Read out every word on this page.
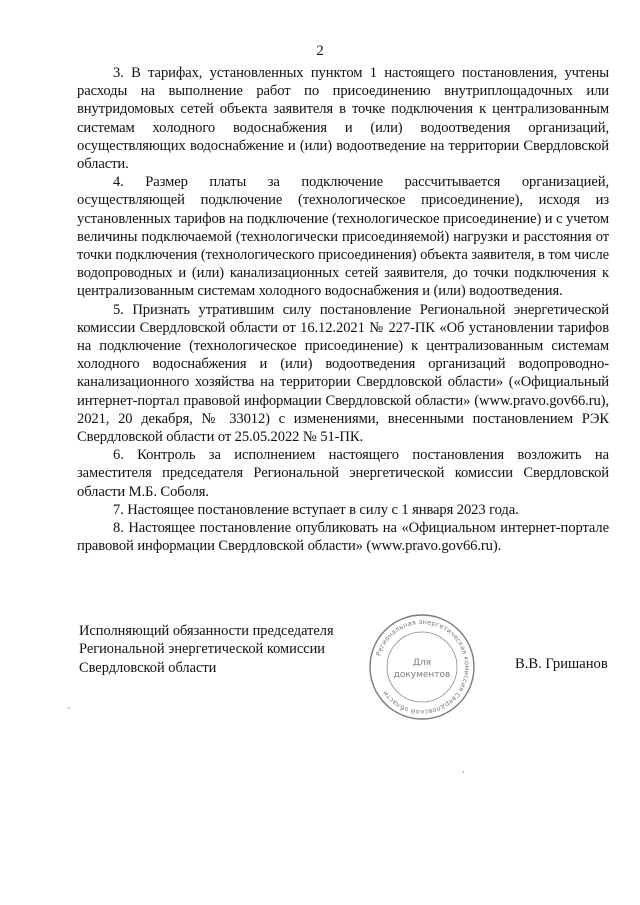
2

3. В тарифах, установленных пунктом 1 настоящего постановления, учтены расходы на выполнение работ по присоединению внутриплощадочных или внутридомовых сетей объекта заявителя в точке подключения к централизованным системам холодного водоснабжения и (или) водоотведения организаций, осуществляющих водоснабжение и (или) водоотведение на территории Свердловской области.

4. Размер платы за подключение рассчитывается организацией, осуществляющей подключение (технологическое присоединение), исходя из установленных тарифов на подключение (технологическое присоединение) и с учетом величины подключаемой (технологически присоединяемой) нагрузки и расстояния от точки подключения (технологического присоединения) объекта заявителя, в том числе водопроводных и (или) канализационных сетей заявителя, до точки подключения к централизованным системам холодного водоснабжения и (или) водоотведения.

5. Признать утратившим силу постановление Региональной энергетической комиссии Свердловской области от 16.12.2021 № 227-ПК «Об установлении тарифов на подключение (технологическое присоединение) к централизованным системам холодного водоснабжения и (или) водоотведения организаций водопроводно-канализационного хозяйства на территории Свердловской области» («Официальный интернет-портал правовой информации Свердловской области» (www.pravo.gov66.ru), 2021, 20 декабря, № 33012) с изменениями, внесенными постановлением РЭК Свердловской области от 25.05.2022 № 51-ПК.

6. Контроль за исполнением настоящего постановления возложить на заместителя председателя Региональной энергетической комиссии Свердловской области М.Б. Соболя.

7. Настоящее постановление вступает в силу с 1 января 2023 года.

8. Настоящее постановление опубликовать на «Официальном интернет-портале правовой информации Свердловской области» (www.pravo.gov66.ru).

Исполняющий обязанности председателя
Региональной энергетической комиссии
Свердловской области
Региональная энергетическая комиссия Свердловской области
Для
документов
В.В. Гришанов
